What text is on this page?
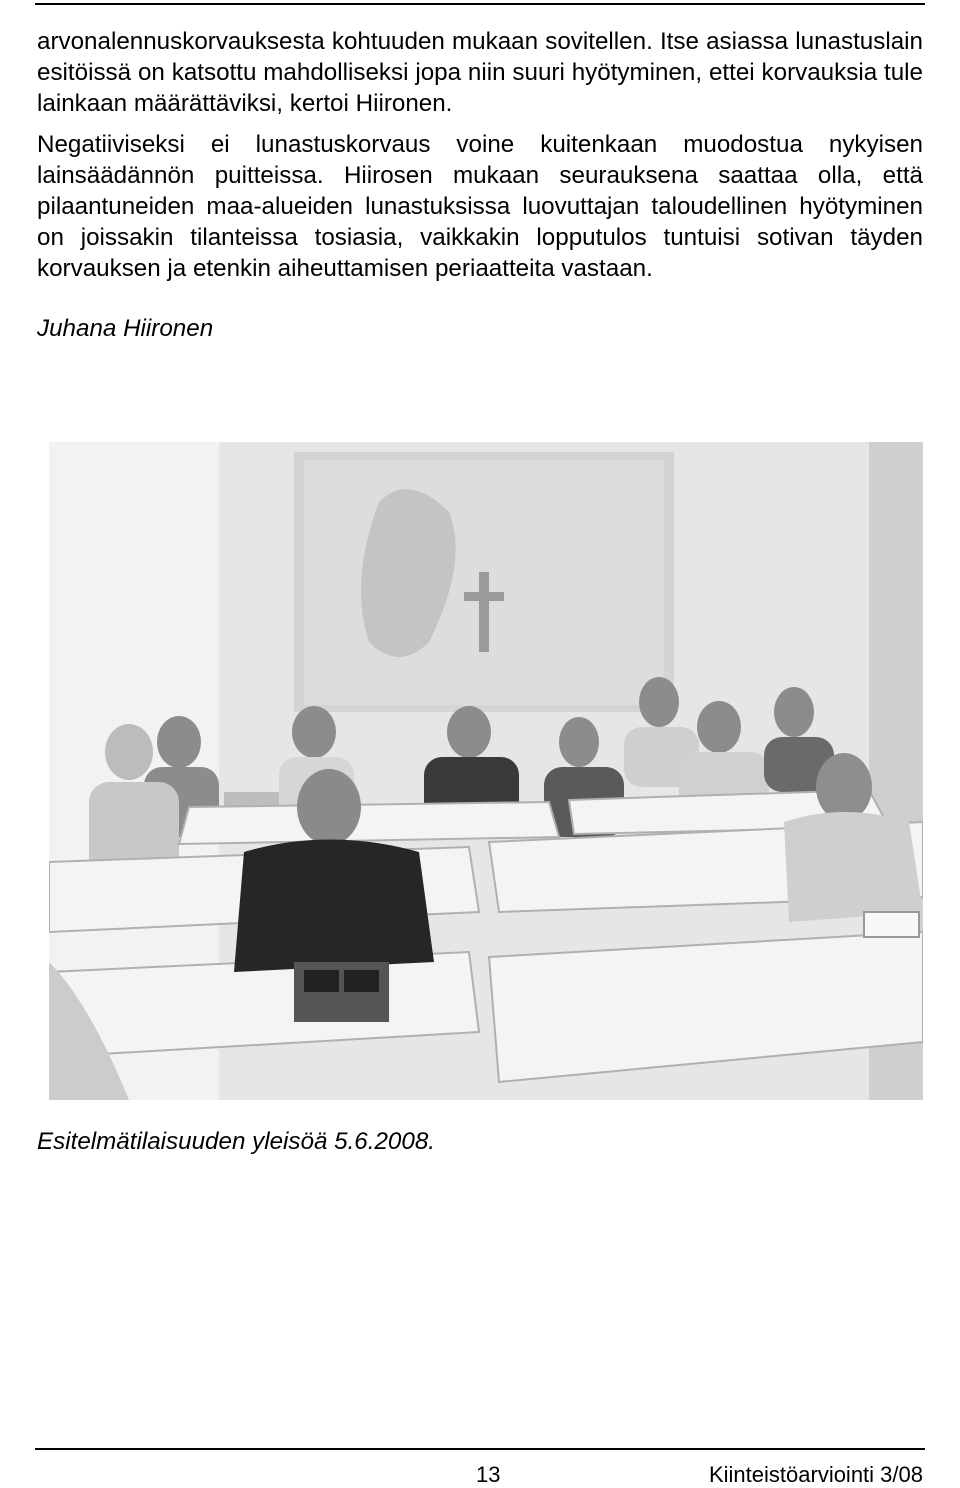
arvonalennuskorvauksesta kohtuuden mukaan sovitellen. Itse asiassa lunastuslain esitöissä on katsottu mahdolliseksi jopa niin suuri hyötyminen, ettei korvauksia tule lainkaan määrättäviksi, kertoi Hiironen.

Negatiiviseksi ei lunastuskorvaus voine kuitenkaan muodostua nykyisen lainsäädännön puitteissa. Hiirosen mukaan seurauksena saattaa olla, että pilaantuneiden maa-alueiden lunastuksissa luovuttajan taloudellinen hyötyminen on joissakin tilanteissa tosiasia, vaikkakin lopputulos tuntuisi sotivan täyden korvauksen ja etenkin aiheuttamisen periaatteita vastaan.

Juhana Hiironen

Esitelmätilaisuuden yleisöä 5.6.2008.

13	Kiinteistöarviointi 3/08
